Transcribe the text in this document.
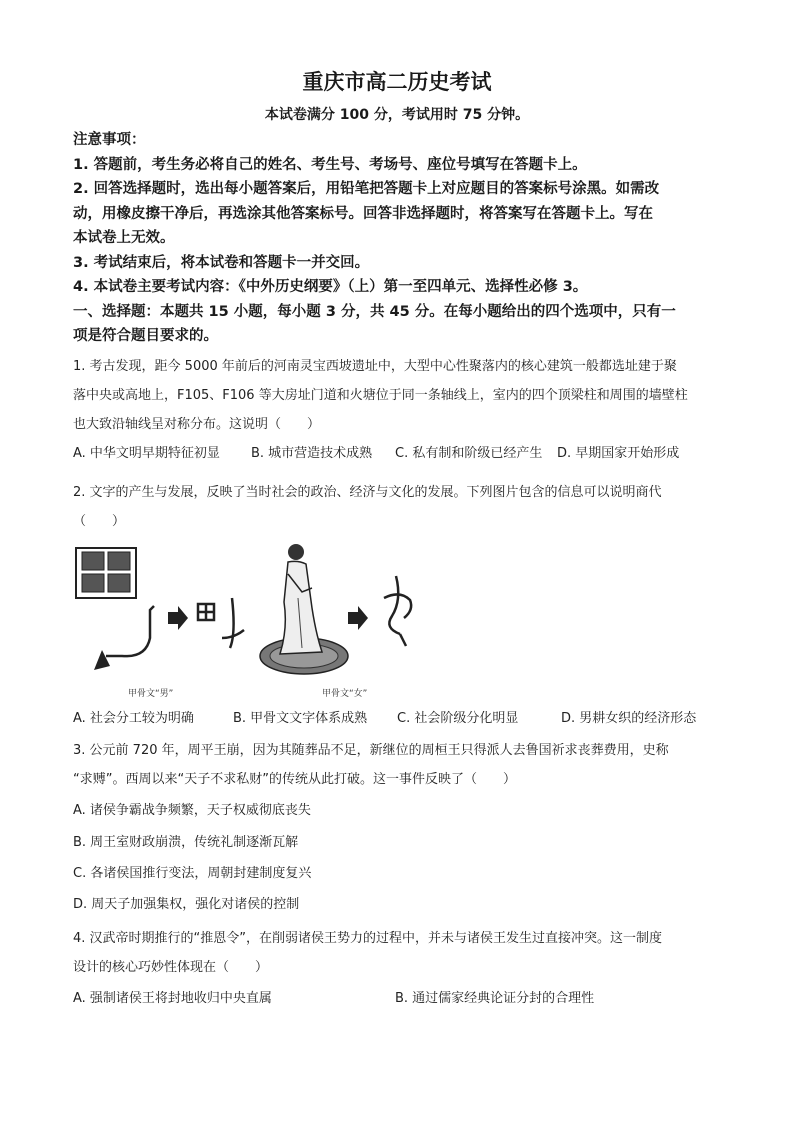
重庆市高二历史考试
本试卷满分 100 分，考试用时 75 分钟。
注意事项：
1. 答题前，考生务必将自己的姓名、考生号、考场号、座位号填写在答题卡上。
2. 回答选择题时，选出每小题答案后，用铅笔把答题卡上对应题目的答案标号涂黑。如需改
动，用橡皮擦干净后，再选涂其他答案标号。回答非选择题时，将答案写在答题卡上。写在
本试卷上无效。
3. 考试结束后，将本试卷和答题卡一并交回。
4. 本试卷主要考试内容：《中外历史纲要》（上）第一至四单元、选择性必修 3。
一、选择题：本题共 15 小题，每小题 3 分，共 45 分。在每小题给出的四个选项中，只有一
项是符合题目要求的。
1. 考古发现，距今 5000 年前后的河南灵宝西坡遗址中，大型中心性聚落内的核心建筑一般都选址建于聚
落中央或高地上，F105、F106 等大房址门道和火塘位于同一条轴线上，室内的四个顶梁柱和周围的墙壁柱
也大致沿轴线呈对称分布。这说明（　　）
A. 中华文明早期特征初显 B. 城市营造技术成熟 C. 私有制和阶级已经产生 D. 早期国家开始形成
2. 文字的产生与发展，反映了当时社会的政治、经济与文化的发展。下列图片包含的信息可以说明商代
（　　）
甲骨文“男”	甲骨文“女”
A. 社会分工较为明确	B. 甲骨文文字体系成熟 C. 社会阶级分化明显	D. 男耕女织的经济形态
3. 公元前 720 年，周平王崩，因为其随葬品不足，新继位的周桓王只得派人去鲁国祈求丧葬费用，史称
“求赙”。西周以来“天子不求私财”的传统从此打破。这一事件反映了（　　）
A. 诸侯争霸战争频繁，天子权威彻底丧失
B. 周王室财政崩溃，传统礼制逐渐瓦解
C. 各诸侯国推行变法，周朝封建制度复兴
D. 周天子加强集权，强化对诸侯的控制
4. 汉武帝时期推行的“推恩令”，在削弱诸侯王势力的过程中，并未与诸侯王发生过直接冲突。这一制度
设计的核心巧妙性体现在（　　）
A. 强制诸侯王将封地收归中央直属	B. 通过儒家经典论证分封的合理性
